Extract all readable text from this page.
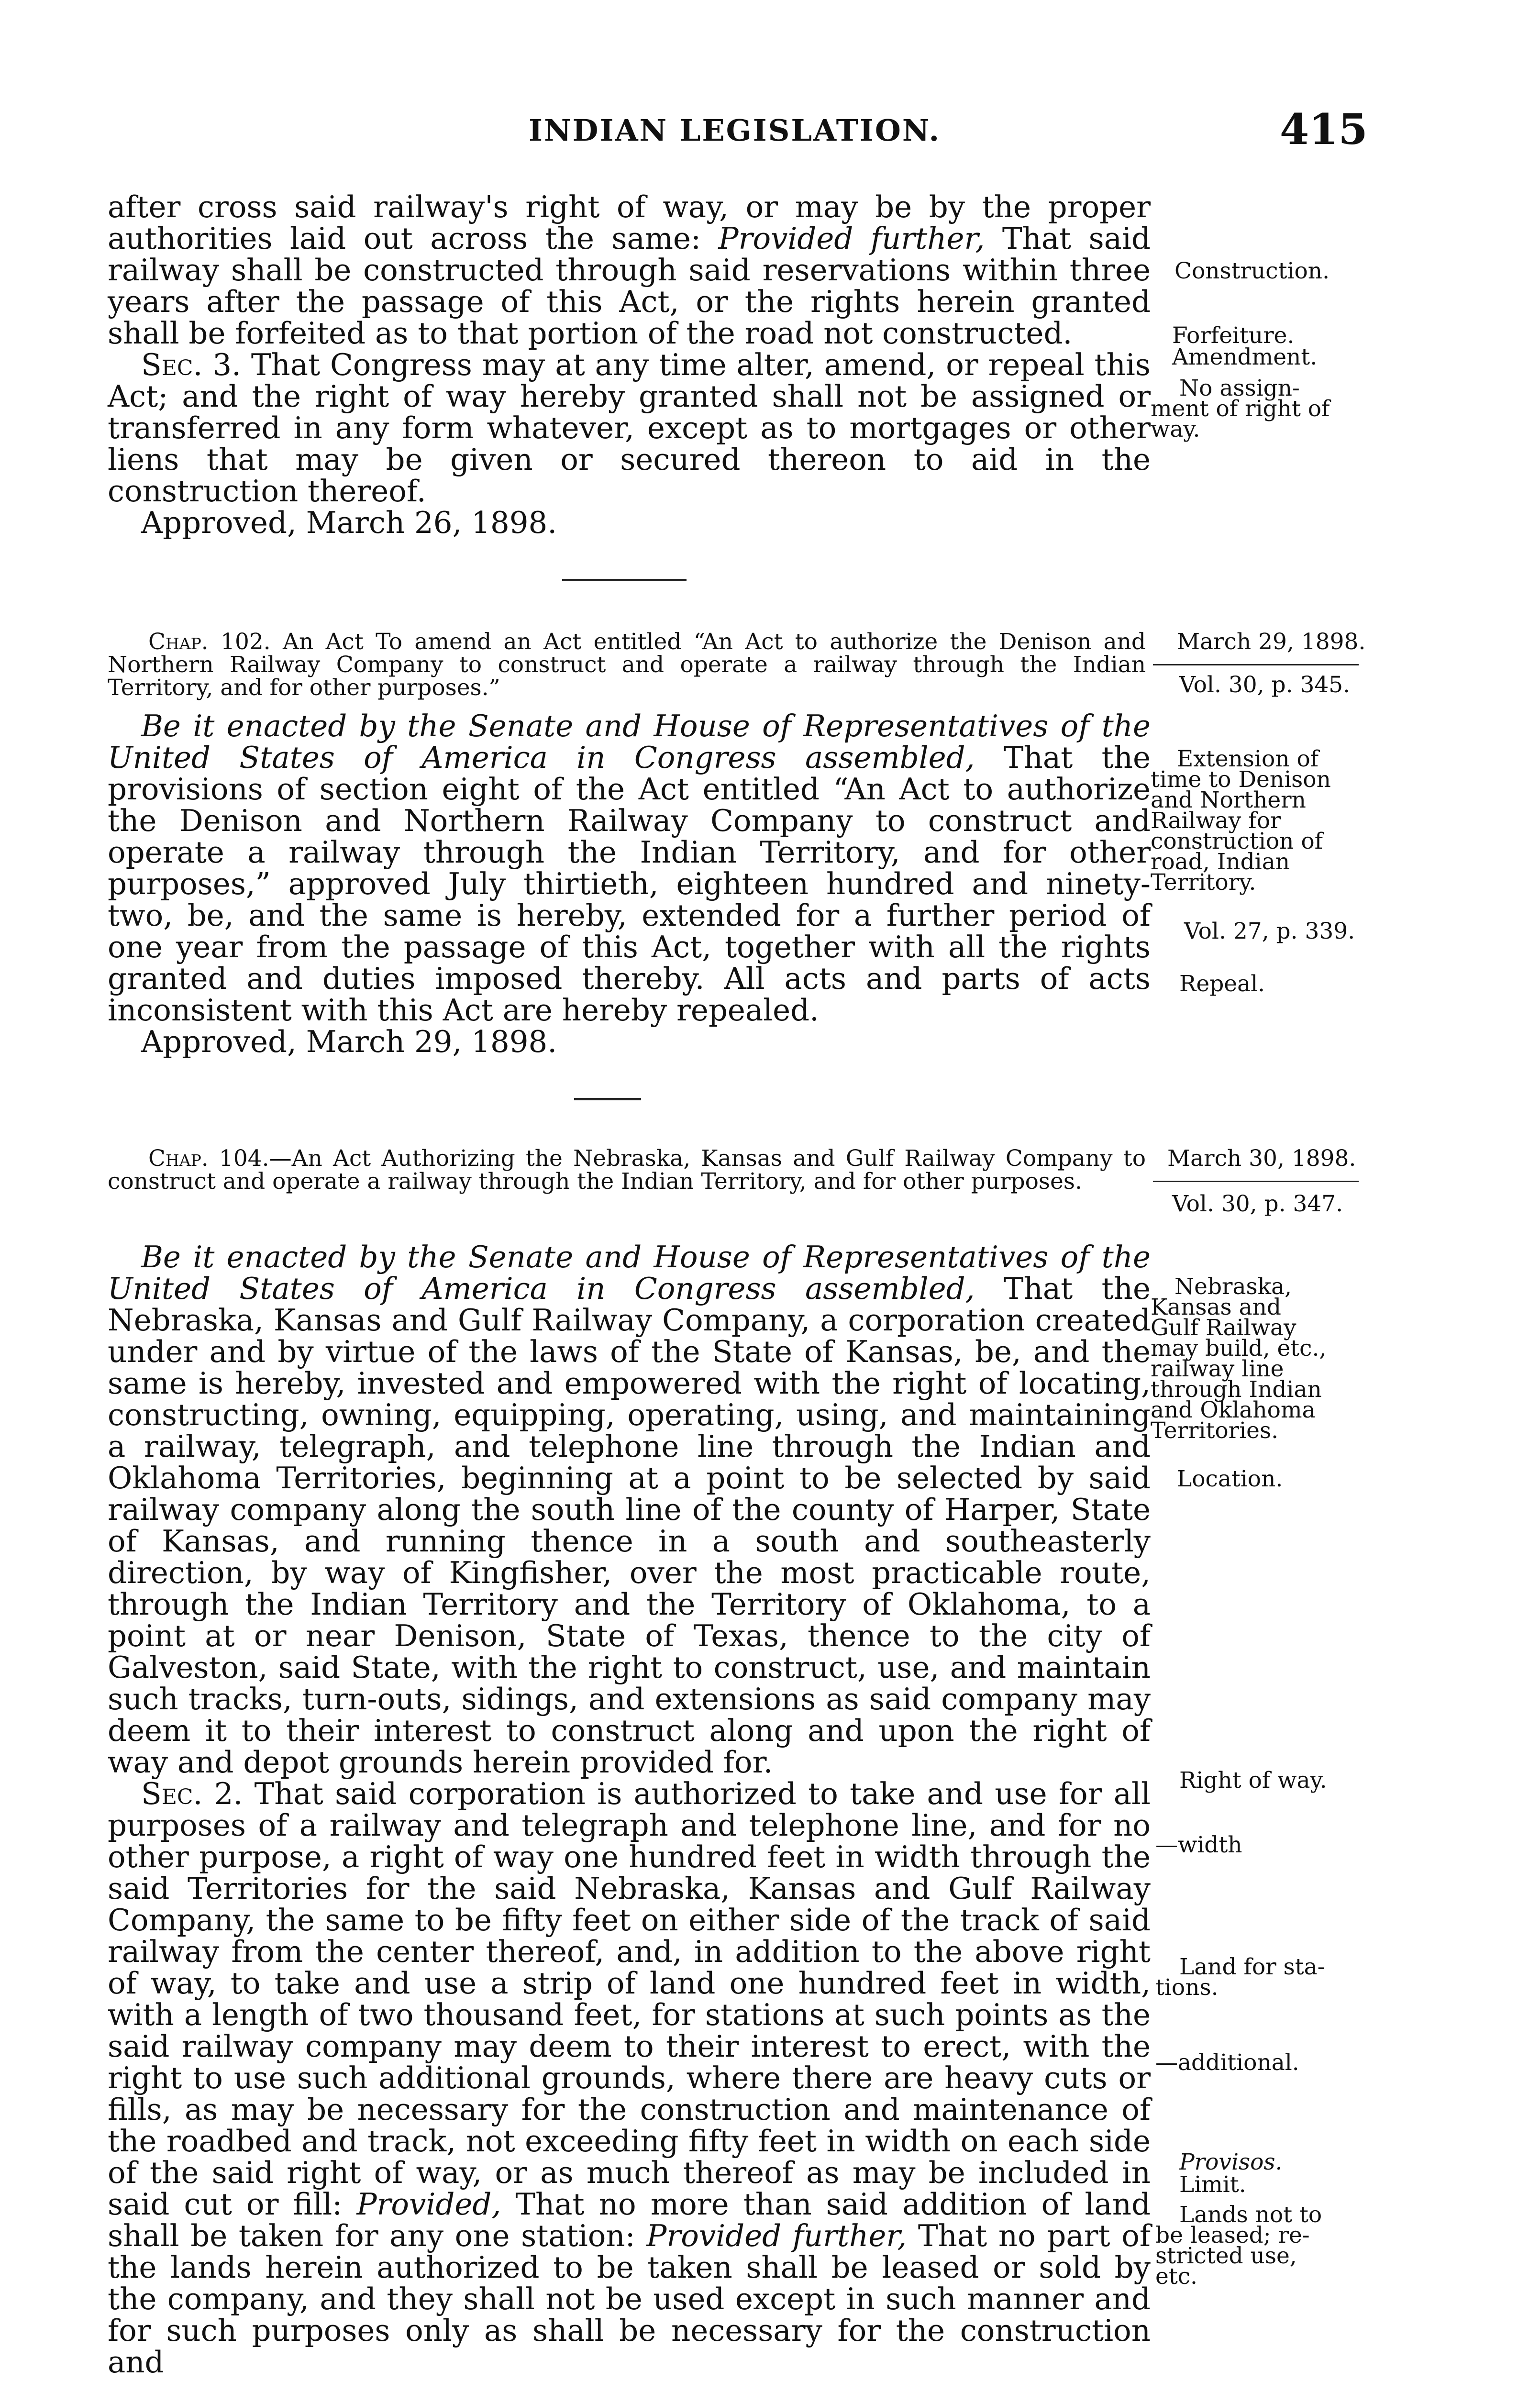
INDIAN LEGISLATION.	415

after cross said railway's right of way, or may be by the proper authorities laid out across the same: Provided further, That said railway shall be constructed through said reservations within three years after the passage of this Act, or the rights herein granted shall be forfeited as to that portion of the road not constructed.

Sec. 3. That Congress may at any time alter, amend, or repeal this Act; and the right of way hereby granted shall not be assigned or transferred in any form whatever, except as to mortgages or other liens that may be given or secured thereon to aid in the construction thereof.

Approved, March 26, 1898.

Chap. 102. An Act To amend an Act entitled “An Act to authorize the Denison and Northern Railway Company to construct and operate a railway through the Indian Territory, and for other purposes.”

Be it enacted by the Senate and House of Representatives of the United States of America in Congress assembled, That the provisions of section eight of the Act entitled “An Act to authorize the Denison and Northern Railway Company to construct and operate a railway through the Indian Territory, and for other purposes,” approved July thirtieth, eighteen hundred and ninety-two, be, and the same is hereby, extended for a further period of one year from the passage of this Act, together with all the rights granted and duties imposed thereby. All acts and parts of acts inconsistent with this Act are hereby repealed.

Approved, March 29, 1898.

Chap. 104.—An Act Authorizing the Nebraska, Kansas and Gulf Railway Company to construct and operate a railway through the Indian Territory, and for other purposes.

Be it enacted by the Senate and House of Representatives of the United States of America in Congress assembled, That the Nebraska, Kansas and Gulf Railway Company, a corporation created under and by virtue of the laws of the State of Kansas, be, and the same is hereby, invested and empowered with the right of locating, constructing, owning, equipping, operating, using, and maintaining a railway, telegraph, and telephone line through the Indian and Oklahoma Territories, beginning at a point to be selected by said railway company along the south line of the county of Harper, State of Kansas, and running thence in a south and southeasterly direction, by way of Kingfisher, over the most practicable route, through the Indian Territory and the Territory of Oklahoma, to a point at or near Denison, State of Texas, thence to the city of Galveston, said State, with the right to construct, use, and maintain such tracks, turn-outs, sidings, and extensions as said company may deem it to their interest to construct along and upon the right of way and depot grounds herein provided for.

Sec. 2. That said corporation is authorized to take and use for all purposes of a railway and telegraph and telephone line, and for no other purpose, a right of way one hundred feet in width through the said Territories for the said Nebraska, Kansas and Gulf Railway Company, the same to be fifty feet on either side of the track of said railway from the center thereof, and, in addition to the above right of way, to take and use a strip of land one hundred feet in width, with a length of two thousand feet, for stations at such points as the said railway company may deem to their interest to erect, with the right to use such additional grounds, where there are heavy cuts or fills, as may be necessary for the construction and maintenance of the roadbed and track, not exceeding fifty feet in width on each side of the said right of way, or as much thereof as may be included in said cut or fill: Provided, That no more than said addition of land shall be taken for any one station: Provided further, That no part of the lands herein authorized to be taken shall be leased or sold by the company, and they shall not be used except in such manner and for such purposes only as shall be necessary for the construction and

Construction.
Forfeiture.
Amendment.
No assign-
ment of right of
way.
March 29, 1898.
Vol. 30, p. 345.
Extension of
time to Denison
and Northern
Railway for
construction of
road, Indian
Territory.
Vol. 27, p. 339.
Repeal.
March 30, 1898.
Vol. 30, p. 347.
Nebraska,
Kansas and
Gulf Railway
may build, etc.,
railway line
through Indian
and Oklahoma
Territories.
Location.
Right of way.
—width
Land for sta-
tions.
—additional.
Provisos.
Limit.
Lands not to
be leased; re-
stricted use,
etc.
